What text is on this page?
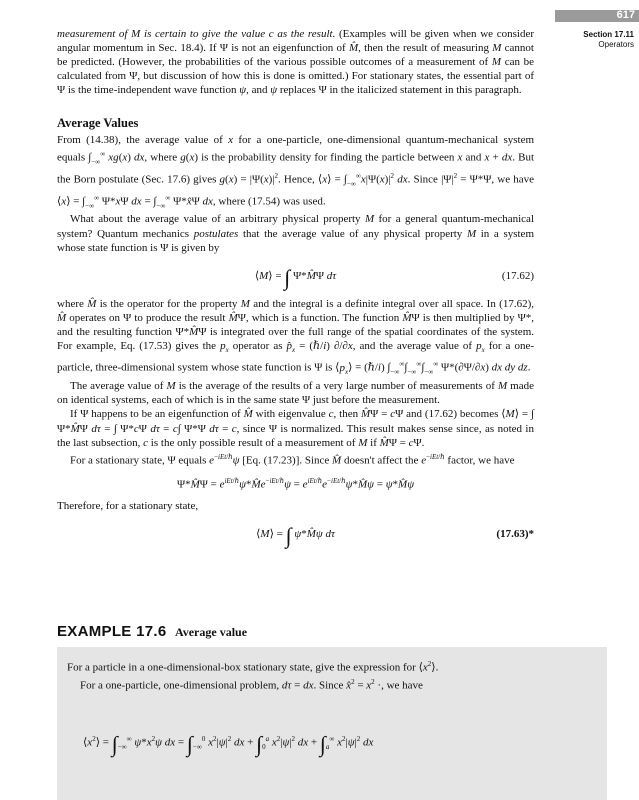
617
Section 17.11
Operators

measurement of M is certain to give the value c as the result. (Examples will be given when we consider angular momentum in Sec. 18.4). If Ψ is not an eigenfunction of M̂, then the result of measuring M cannot be predicted. (However, the probabilities of the various possible outcomes of a measurement of M can be calculated from Ψ, but discussion of how this is done is omitted.) For stationary states, the essential part of Ψ is the time-independent wave function ψ, and ψ replaces Ψ in the italicized statement in this paragraph.

Average Values

From (14.38), the average value of x for a one-particle, one-dimensional quantum-mechanical system equals $\int_{-\infty}^\infty$ xg(x) dx, where g(x) is the probability density for finding the particle between x and x + dx. But the Born postulate (Sec. 17.6) gives $g(x) = |\Psi(x)|^2$. Hence, ⟨x⟩ = $\int_{-\infty}^\infty x|\Psi(x)|^2$ dx. Since $|\Psi|^2 = \Psi*\Psi$, we have ⟨x⟩ = $\int_{-\infty}^\infty$ Ψ*xΨ dx = $\int_{-\infty}^\infty$ Ψ*x̂Ψ dx, where (17.54) was used.

What about the average value of an arbitrary physical property M for a general quantum-mechanical system? Quantum mechanics postulates that the average value of any physical property M in a system whose state function is Ψ is given by

⟨M⟩ = ∫ Ψ*M̂Ψ dτ	(17.62)

where M̂ is the operator for the property M and the integral is a definite integral over all space. In (17.62), M̂ operates on Ψ to produce the result M̂Ψ, which is a function. The function M̂Ψ is then multiplied by Ψ*, and the resulting function Ψ*M̂Ψ is integrated over the full range of the spatial coordinates of the system. For example, Eq. (17.53) gives the $p_x$ operator as $p̂_x$ = (ℏ/i) ∂/∂x, and the average value of $p_x$ for a one-particle, three-dimensional system whose state function is Ψ is $⟨p_x⟩$ = (ℏ/i) $\int_{-\infty}^\infty\int_{-\infty}^\infty\int_{-\infty}^\infty$ Ψ*(∂Ψ/∂x) dx dy dz.

The average value of M is the average of the results of a very large number of measurements of M made on identical systems, each of which is in the same state Ψ just before the measurement.

If Ψ happens to be an eigenfunction of M̂ with eigenvalue c, then M̂Ψ = cΨ and (17.62) becomes ⟨M⟩ = ∫ Ψ*M̂Ψ dτ = ∫ Ψ*cΨ dτ = c∫ Ψ*Ψ dτ = c, since Ψ is normalized. This result makes sense since, as noted in the last subsection, c is the only possible result of a measurement of M if M̂Ψ = cΨ.

For a stationary state, Ψ equals $e^{-iEt/\hbar}\psi$ [Eq. (17.23)]. Since M̂ doesn't affect the $e^{-iEt/\hbar}$ factor, we have

Ψ*M̂Ψ = $e^{iEt/\hbar}\psi*M̂e^{-iEt/\hbar}\psi$ = $e^{iEt/\hbar}e^{-iEt/\hbar}\psi*M̂\psi$ = ψ*M̂ψ

Therefore, for a stationary state,

⟨M⟩ = ∫ ψ*M̂ψ dτ	(17.63)*
EXAMPLE 17.6 Average value

For a particle in a one-dimensional-box stationary state, give the expression for $⟨x^2⟩$.

For a one-particle, one-dimensional problem, dτ = dx. Since x̂$^2$ = $x^2$ ·, we have

$⟨x^2⟩ = \int_{-\infty}^\infty$ $\psi*x^2\psi$ dx = $\int_{-\infty}^0$ $x^2|\psi|^2$ dx + $\int_0^a$ $x^2|\psi|^2$ dx + $\int_a^\infty$ $x^2|\psi|^2$ dx
